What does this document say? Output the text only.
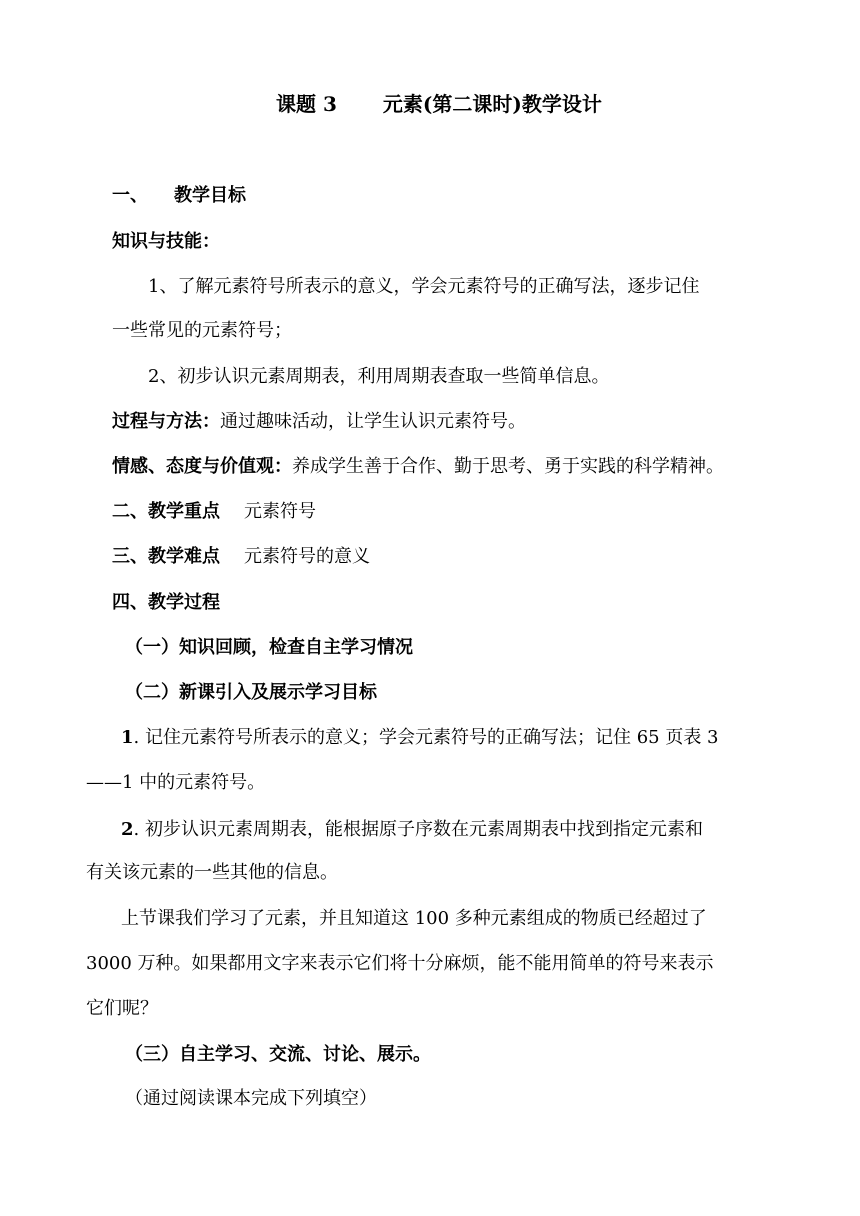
课题 3 元素(第二课时)教学设计
一、 教学目标
知识与技能：
1、了解元素符号所表示的意义，学会元素符号的正确写法，逐步记住
一些常见的元素符号；
2、初步认识元素周期表，利用周期表查取一些简单信息。
过程与方法：通过趣味活动，让学生认识元素符号。
情感、态度与价值观：养成学生善于合作、勤于思考、勇于实践的科学精神。
二、教学重点 元素符号
三、教学难点 元素符号的意义
四、教学过程
（一）知识回顾，检查自主学习情况
（二）新课引入及展示学习目标
1. 记住元素符号所表示的意义；学会元素符号的正确写法；记住 65 页表 3
——1 中的元素符号。
2. 初步认识元素周期表，能根据原子序数在元素周期表中找到指定元素和
有关该元素的一些其他的信息。
上节课我们学习了元素，并且知道这 100 多种元素组成的物质已经超过了
3000 万种。如果都用文字来表示它们将十分麻烦，能不能用简单的符号来表示
它们呢？
（三）自主学习、交流、讨论、展示。
（通过阅读课本完成下列填空）
